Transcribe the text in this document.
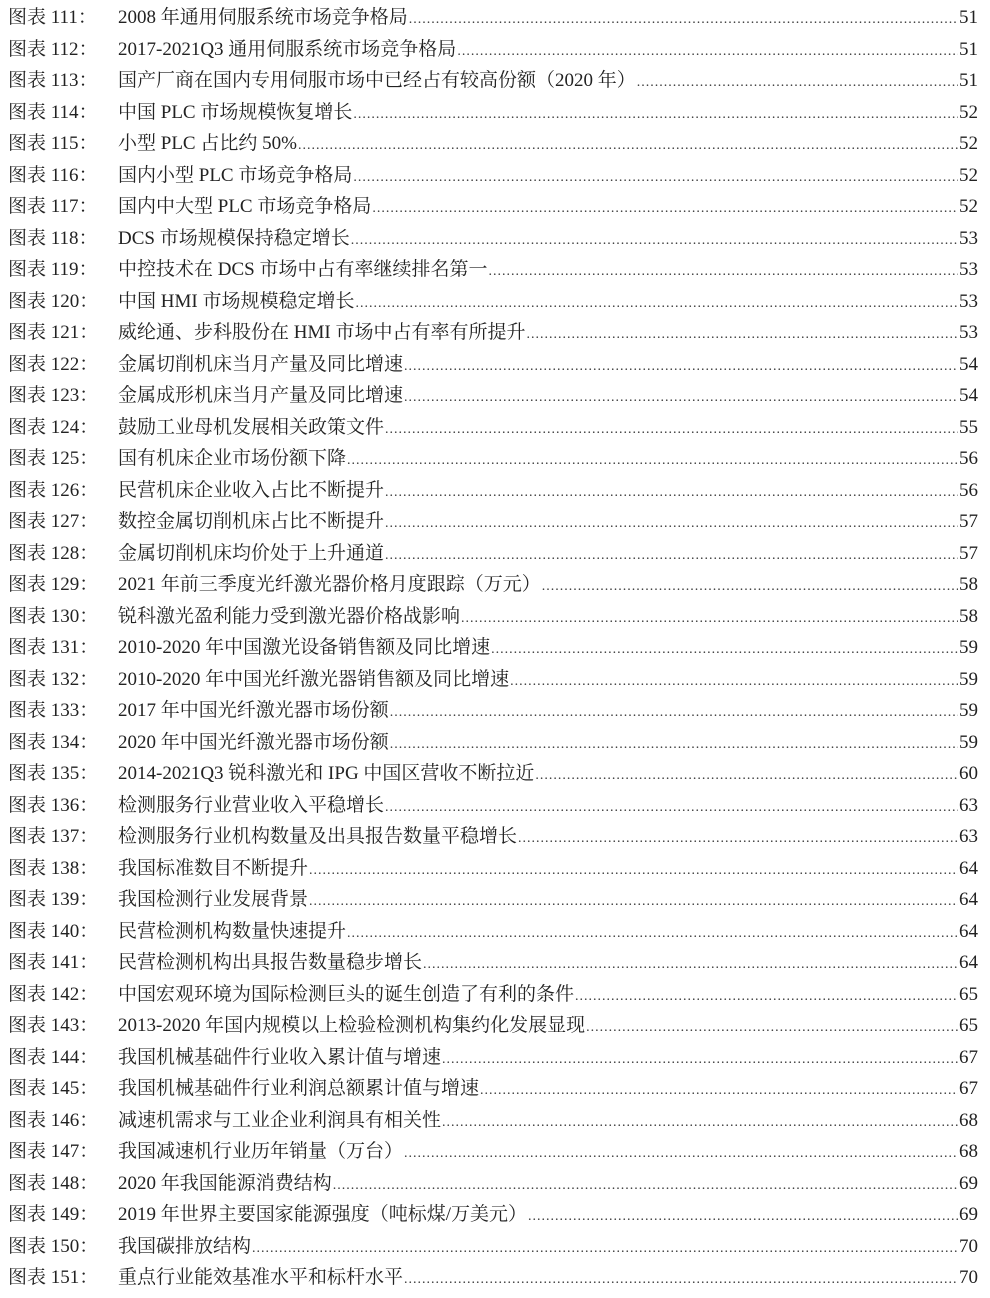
图表 111：	2008 年通用伺服系统市场竞争格局 .....	51
图表 112：	2017-2021Q3 通用伺服系统市场竞争格局 .....	51
图表 113：	国产厂商在国内专用伺服市场中已经占有较高份额（2020 年） .....	51
图表 114：	中国 PLC 市场规模恢复增长 .....	52
图表 115：	小型 PLC 占比约 50% .....	52
图表 116：	国内小型 PLC 市场竞争格局 .....	52
图表 117：	国内中大型 PLC 市场竞争格局 .....	52
图表 118：	DCS 市场规模保持稳定增长 .....	53
图表 119：	中控技术在 DCS 市场中占有率继续排名第一 .....	53
图表 120：	中国 HMI 市场规模稳定增长 .....	53
图表 121：	威纶通、步科股份在 HMI 市场中占有率有所提升 .....	53
图表 122：	金属切削机床当月产量及同比增速 .....	54
图表 123：	金属成形机床当月产量及同比增速 .....	54
图表 124：	鼓励工业母机发展相关政策文件 .....	55
图表 125：	国有机床企业市场份额下降 .....	56
图表 126：	民营机床企业收入占比不断提升 .....	56
图表 127：	数控金属切削机床占比不断提升 .....	57
图表 128：	金属切削机床均价处于上升通道 .....	57
图表 129：	2021 年前三季度光纤激光器价格月度跟踪（万元） .....	58
图表 130：	锐科激光盈利能力受到激光器价格战影响 .....	58
图表 131：	2010-2020 年中国激光设备销售额及同比增速 .....	59
图表 132：	2010-2020 年中国光纤激光器销售额及同比增速 .....	59
图表 133：	2017 年中国光纤激光器市场份额 .....	59
图表 134：	2020 年中国光纤激光器市场份额 .....	59
图表 135：	2014-2021Q3 锐科激光和 IPG 中国区营收不断拉近 .....	60
图表 136：	检测服务行业营业收入平稳增长 .....	63
图表 137：	检测服务行业机构数量及出具报告数量平稳增长 .....	63
图表 138：	我国标准数目不断提升 .....	64
图表 139：	我国检测行业发展背景 .....	64
图表 140：	民营检测机构数量快速提升 .....	64
图表 141：	民营检测机构出具报告数量稳步增长 .....	64
图表 142：	中国宏观环境为国际检测巨头的诞生创造了有利的条件 .....	65
图表 143：	2013-2020 年国内规模以上检验检测机构集约化发展显现 .....	65
图表 144：	我国机械基础件行业收入累计值与增速 .....	67
图表 145：	我国机械基础件行业利润总额累计值与增速 .....	67
图表 146：	减速机需求与工业企业利润具有相关性 .....	68
图表 147：	我国减速机行业历年销量（万台） .....	68
图表 148：	2020 年我国能源消费结构 .....	69
图表 149：	2019 年世界主要国家能源强度（吨标煤/万美元） .....	69
图表 150：	我国碳排放结构 .....	70
图表 151：	重点行业能效基准水平和标杆水平 .....	70
